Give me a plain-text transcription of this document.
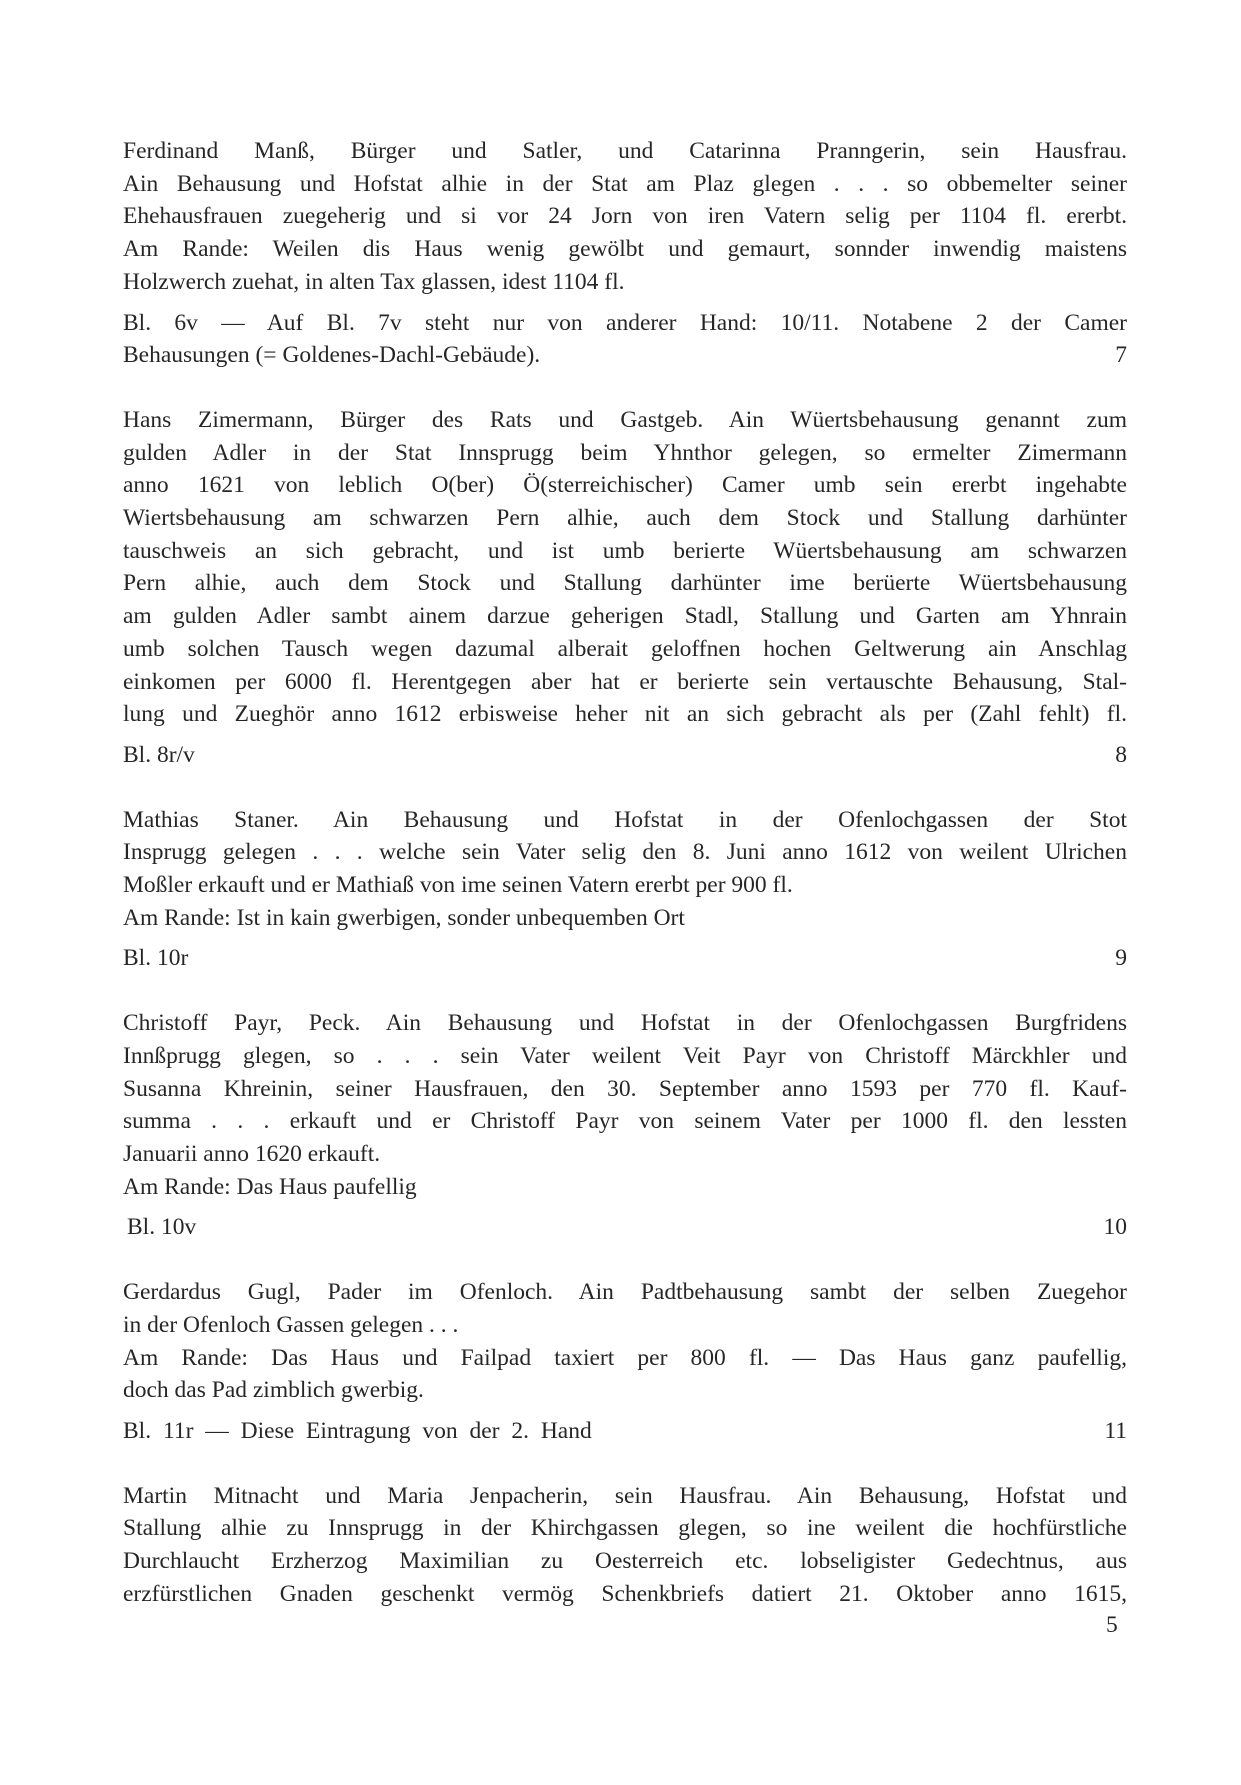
Ferdinand Manß, Bürger und Satler, und Catarinna Pranngerin, sein Hausfrau.
Ain Behausung und Hofstat alhie in der Stat am Plaz glegen . . . so obbemelter seiner
Ehehausfrauen zuegeherig und si vor 24 Jorn von iren Vatern selig per 1104 fl. ererbt.
Am Rande: Weilen dis Haus wenig gewölbt und gemaurt, sonnder inwendig maistens
Holzwerch zuehat, in alten Tax glassen, idest 1104 fl.
Bl. 6v — Auf Bl. 7v steht nur von anderer Hand: 10/11. Notabene 2 der Camer
Behausungen (= Goldenes-Dachl-Gebäude).	7
Hans Zimermann, Bürger des Rats und Gastgeb. Ain Wüertsbehausung genannt zum
gulden Adler in der Stat Innsprugg beim Yhnthor gelegen, so ermelter Zimermann
anno 1621 von leblich O(ber) Ö(sterreichischer) Camer umb sein ererbt ingehabte
Wiertsbehausung am schwarzen Pern alhie, auch dem Stock und Stallung darhünter
tauschweis an sich gebracht, und ist umb berierte Wüertsbehausung am schwarzen
Pern alhie, auch dem Stock und Stallung darhünter ime berüerte Wüertsbehausung
am gulden Adler sambt ainem darzue geherigen Stadl, Stallung und Garten am Yhnrain
umb solchen Tausch wegen dazumal alberait geloffnen hochen Geltwerung ain Anschlag
einkomen per 6000 fl. Herentgegen aber hat er berierte sein vertauschte Behausung, Stal-
lung und Zueghör anno 1612 erbisweise heher nit an sich gebracht als per (Zahl fehlt) fl.
Bl. 8r/v	8
Mathias Staner. Ain Behausung und Hofstat in der Ofenlochgassen der Stot
Insprugg gelegen . . . welche sein Vater selig den 8. Juni anno 1612 von weilent Ulrichen
Moßler erkauft und er Mathiaß von ime seinen Vatern ererbt per 900 fl.

Am Rande: Ist in kain gwerbigen, sonder unbequemben Ort

Bl. 10r	9
Christoff Payr, Peck. Ain Behausung und Hofstat in der Ofenlochgassen Burgfridens
Innßprugg glegen, so . . . sein Vater weilent Veit Payr von Christoff Märckhler und
Susanna Khreinin, seiner Hausfrauen, den 30. September anno 1593 per 770 fl. Kauf-
summa . . . erkauft und er Christoff Payr von seinem Vater per 1000 fl. den lessten
Januarii anno 1620 erkauft.

Am Rande: Das Haus paufellig

Bl. 10v	10
Gerdardus Gugl, Pader im Ofenloch. Ain Padtbehausung sambt der selben Zuegehor
in der Ofenloch Gassen gelegen . . .
Am Rande: Das Haus und Failpad taxiert per 800 fl. — Das Haus ganz paufellig,
doch das Pad zimblich gwerbig.
Bl. 11r — Diese Eintragung von der 2. Hand	11
Martin Mitnacht und Maria Jenpacherin, sein Hausfrau. Ain Behausung, Hofstat und
Stallung alhie zu Innsprugg in der Khirchgassen glegen, so ine weilent die hochfürstliche
Durchlaucht Erzherzog Maximilian zu Oesterreich etc. lobseligister Gedechtnus, aus
erzfürstlichen Gnaden geschenkt vermög Schenkbriefs datiert 21. Oktober anno 1615,
5
